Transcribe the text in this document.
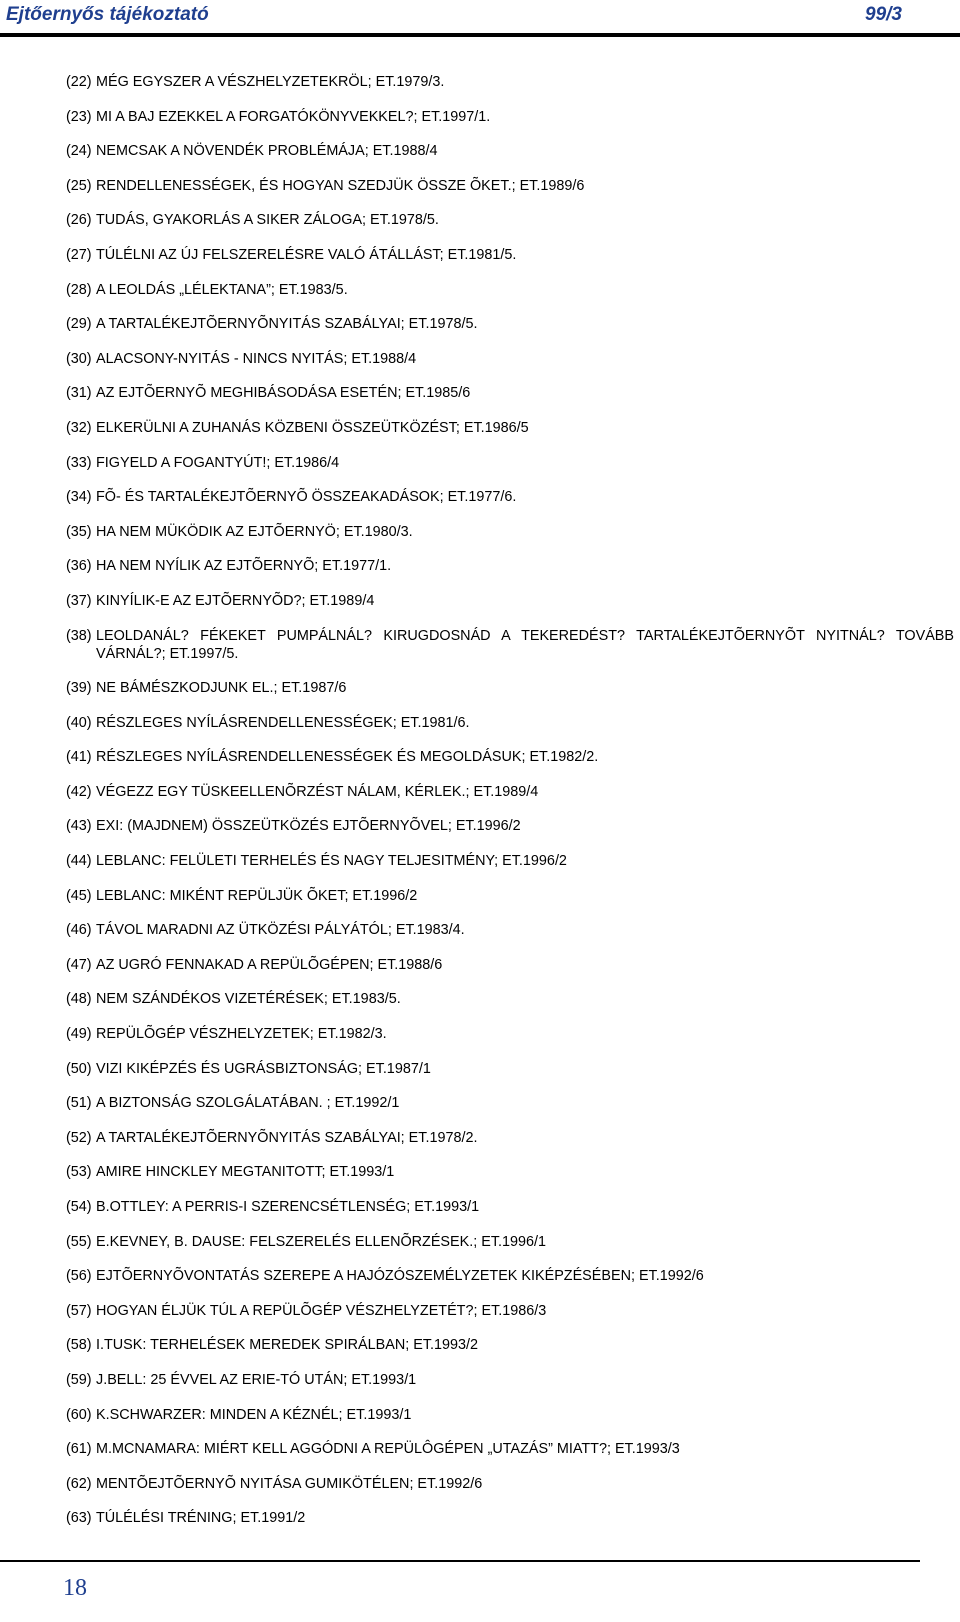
Ejtőernyős tájékoztató	99/3
(22) MÉG EGYSZER A VÉSZHELYZETEKRÖL; ET.1979/3.
(23) MI A BAJ EZEKKEL A FORGATÓKÖNYVEKKEL?; ET.1997/1.
(24) NEMCSAK A NÖVENDÉK PROBLÉMÁJA; ET.1988/4
(25) RENDELLENESSÉGEK, ÉS HOGYAN SZEDJÜK ÖSSZE ÕKET.; ET.1989/6
(26) TUDÁS, GYAKORLÁS A SIKER ZÁLOGA; ET.1978/5.
(27) TÚLÉLNI AZ ÚJ FELSZERELÉSRE VALÓ ÁTÁLLÁST; ET.1981/5.
(28) A LEOLDÁS „LÉLEKTANA”; ET.1983/5.
(29) A TARTALÉKEJTÕERNYÕNYITÁS SZABÁLYAI; ET.1978/5.
(30) ALACSONY-NYITÁS - NINCS NYITÁS; ET.1988/4
(31) AZ EJTÕERNYÕ MEGHIBÁSODÁSA ESETÉN; ET.1985/6
(32) ELKERÜLNI A ZUHANÁS KÖZBENI ÖSSZEÜTKÖZÉST; ET.1986/5
(33) FIGYELD A FOGANTYÚT!; ET.1986/4
(34) FÕ- ÉS TARTALÉKEJTÕERNYÕ ÖSSZEAKADÁSOK; ET.1977/6.
(35) HA NEM MÜKÖDIK AZ EJTÕERNYÖ; ET.1980/3.
(36) HA NEM NYÍLIK AZ EJTÕERNYÕ; ET.1977/1.
(37) KINYÍLIK-E AZ EJTÕERNYÕD?; ET.1989/4
(38) LEOLDANÁL? FÉKEKET PUMPÁLNÁL? KIRUGDOSNÁD A TEKEREDÉST? TARTALÉKEJTÕERNYÕT NYITNÁL? TOVÁBB VÁRNÁL?; ET.1997/5.
(39) NE BÁMÉSZKODJUNK EL.; ET.1987/6
(40) RÉSZLEGES NYÍLÁSRENDELLENESSÉGEK; ET.1981/6.
(41) RÉSZLEGES NYÍLÁSRENDELLENESSÉGEK ÉS MEGOLDÁSUK; ET.1982/2.
(42) VÉGEZZ EGY TÜSKEELLENÕRZÉST NÁLAM, KÉRLEK.; ET.1989/4
(43) EXI: (MAJDNEM) ÖSSZEÜTKÖZÉS EJTÕERNYÕVEL; ET.1996/2
(44) LEBLANC: FELÜLETI TERHELÉS ÉS NAGY TELJESITMÉNY; ET.1996/2
(45) LEBLANC: MIKÉNT REPÜLJÜK ÕKET; ET.1996/2
(46) TÁVOL MARADNI AZ ÜTKÖZÉSI PÁLYÁTÓL; ET.1983/4.
(47) AZ UGRÓ FENNAKAD A REPÜLÕGÉPEN; ET.1988/6
(48) NEM SZÁNDÉKOS VIZETÉRÉSEK; ET.1983/5.
(49) REPÜLÕGÉP VÉSZHELYZETEK; ET.1982/3.
(50) VIZI KIKÉPZÉS ÉS UGRÁSBIZTONSÁG; ET.1987/1
(51) A BIZTONSÁG SZOLGÁLATÁBAN. ; ET.1992/1
(52) A TARTALÉKEJTÕERNYÕNYITÁS SZABÁLYAI; ET.1978/2.
(53) AMIRE HINCKLEY MEGTANITOTT; ET.1993/1
(54) B.OTTLEY: A PERRIS-I SZERENCSÉTLENSÉG; ET.1993/1
(55) E.KEVNEY, B. DAUSE: FELSZERELÉS ELLENÕRZÉSEK.; ET.1996/1
(56) EJTÕERNYÕVONTATÁS SZEREPE A HAJÓZÓSZEMÉLYZETEK KIKÉPZÉSÉBEN; ET.1992/6
(57) HOGYAN ÉLJÜK TÚL A REPÜLÕGÉP VÉSZHELYZETÉT?; ET.1986/3
(58) I.TUSK: TERHELÉSEK MEREDEK SPIRÁLBAN; ET.1993/2
(59) J.BELL: 25 ÉVVEL AZ ERIE-TÓ UTÁN; ET.1993/1
(60) K.SCHWARZER: MINDEN A KÉZNÉL; ET.1993/1
(61) M.MCNAMARA: MIÉRT KELL AGGÓDNI A REPÜLÔGÉPEN „UTAZÁS” MIATT?; ET.1993/3
(62) MENTÕEJTÕERNYÕ NYITÁSA GUMIKÖTÉLEN; ET.1992/6
(63) TÚLÉLÉSI TRÉNING; ET.1991/2
18
